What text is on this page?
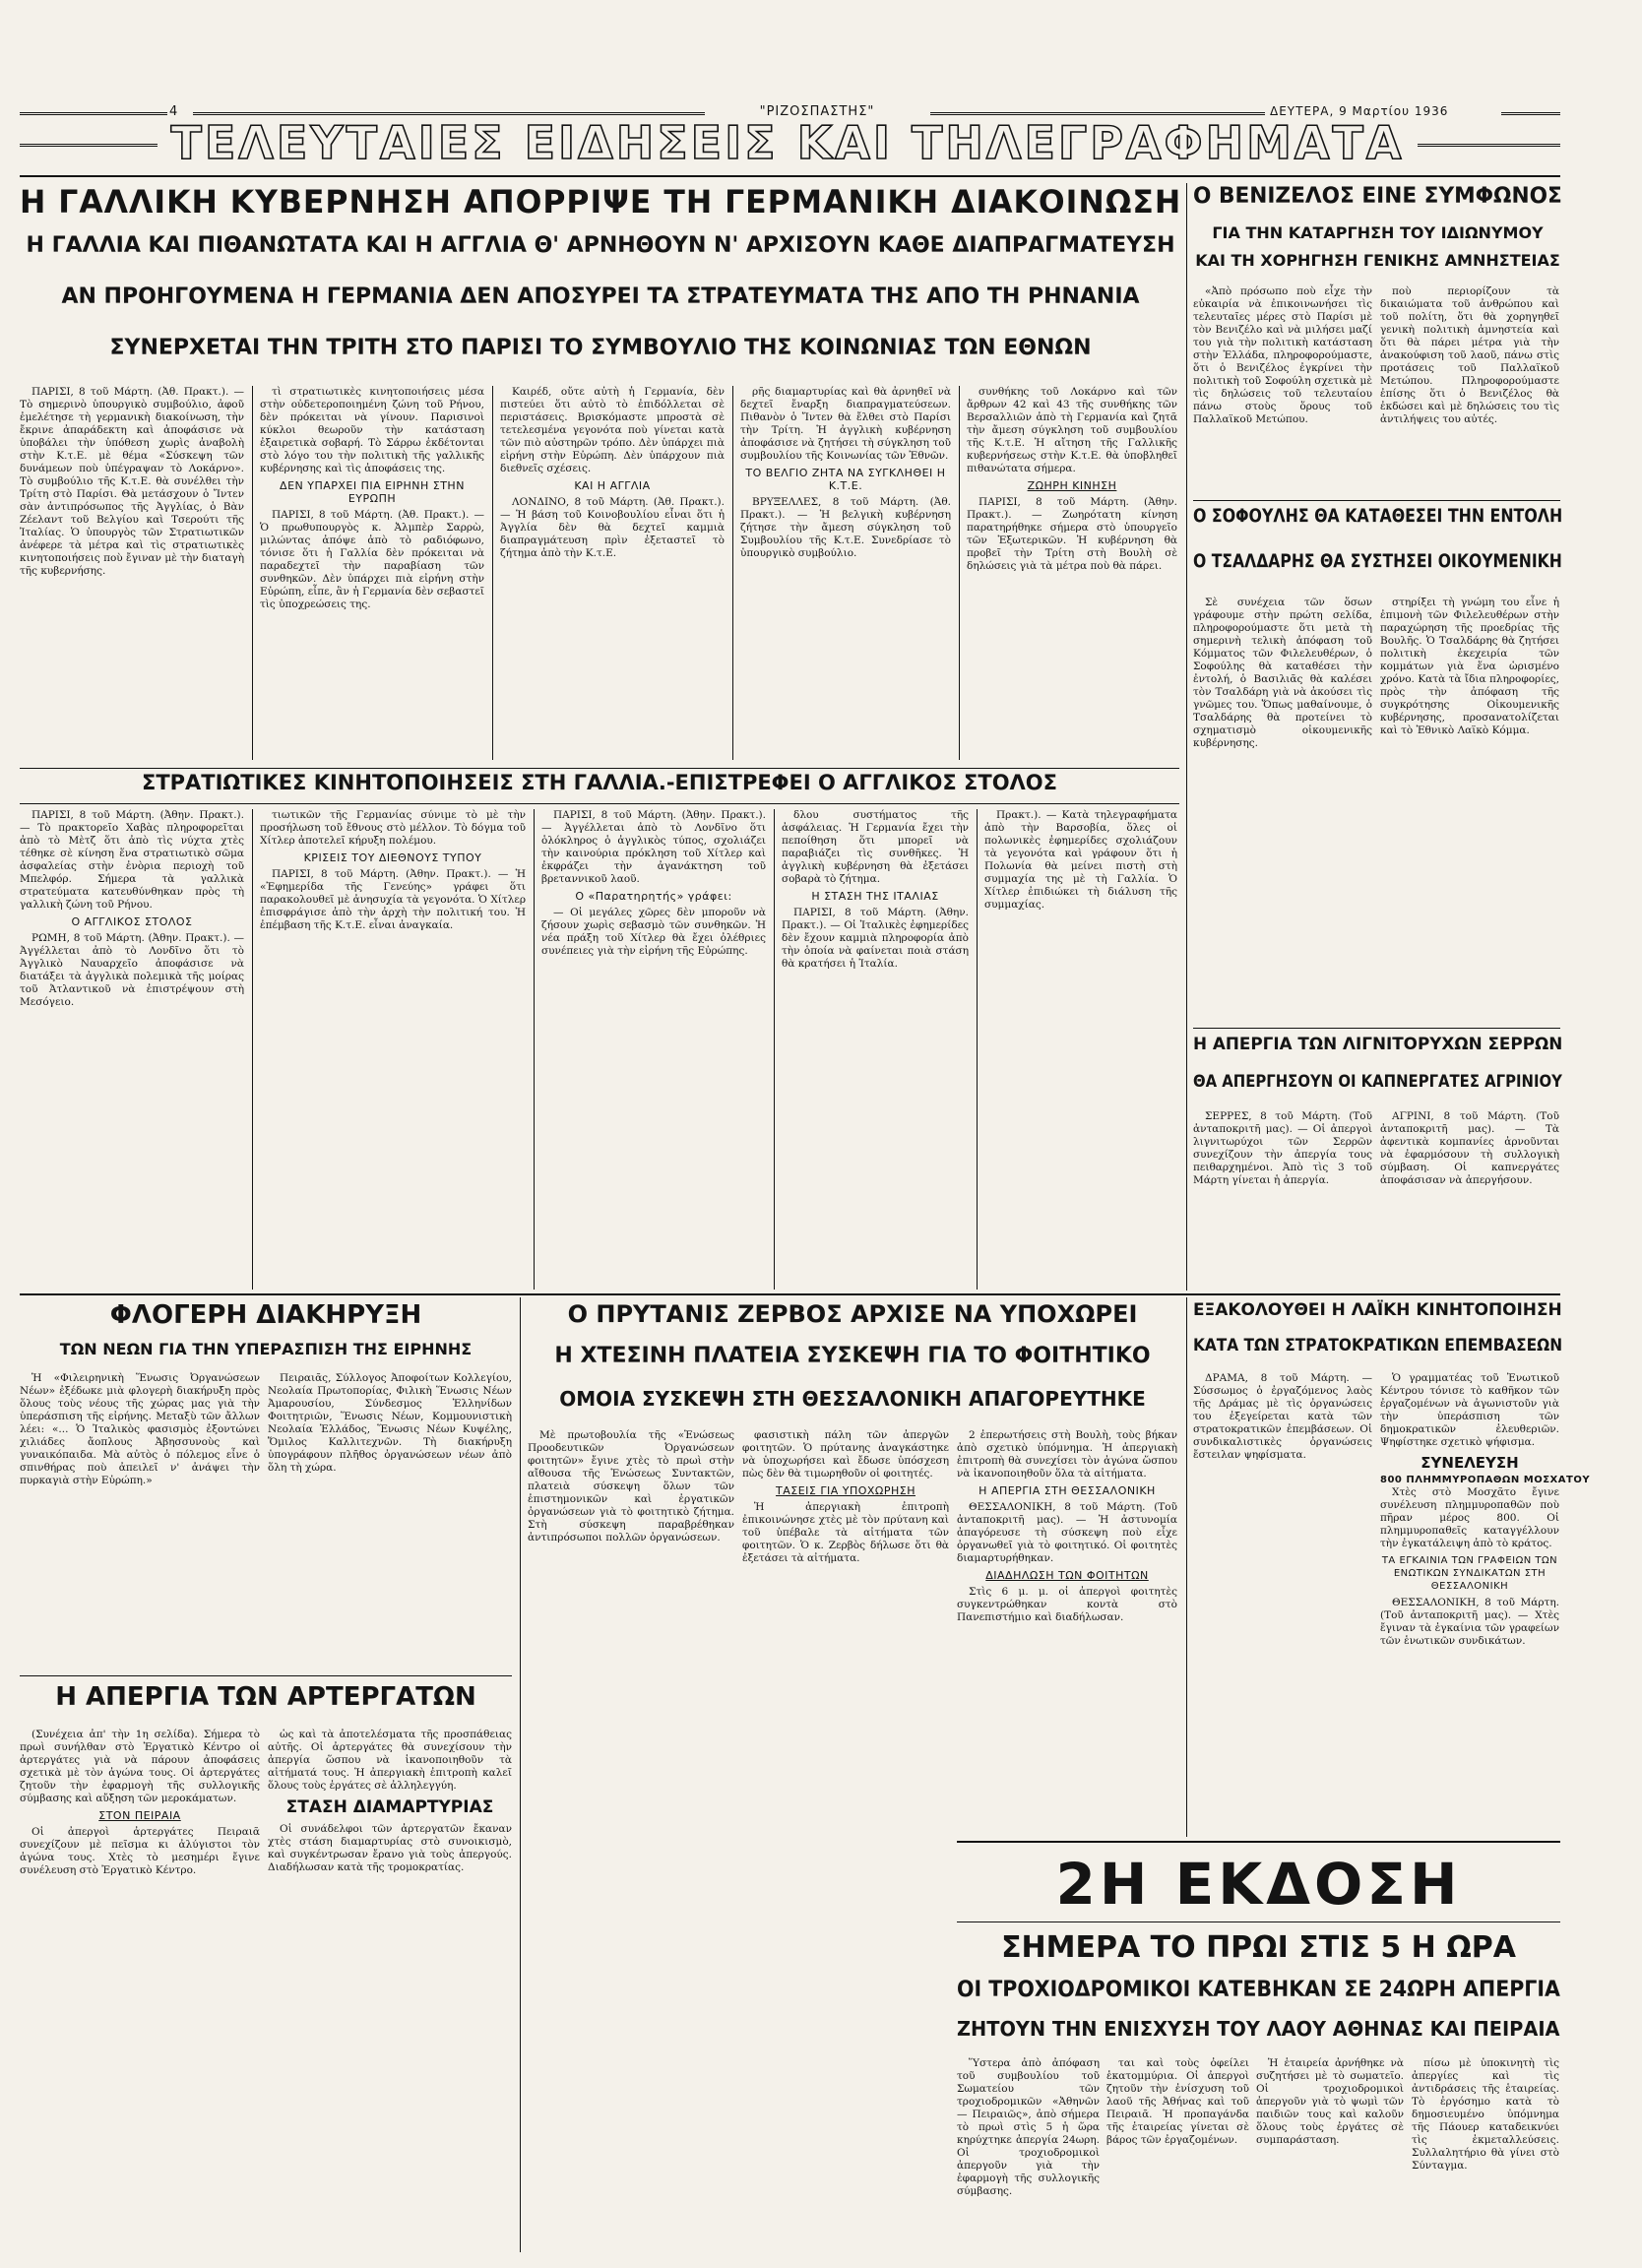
4	"ΡΙΖΟΣΠΑΣΤΗΣ"	ΔΕΥΤΕΡΑ, 9 Μαρτίου 1936
ΤΕΛΕΥΤΑΙΕΣ ΕΙΔΗΣΕΙΣ ΚΑΙ ΤΗΛΕΓΡΑΦΗΜΑΤΑ
Η ΓΑΛΛΙΚΗ ΚΥΒΕΡΝΗΣΗ ΑΠΟΡΡΙΨΕ ΤΗ ΓΕΡΜΑΝΙΚΗ ΔΙΑΚΟΙΝΩΣΗ
Η ΓΑΛΛΙΑ ΚΑΙ ΠΙΘΑΝΩΤΑΤΑ ΚΑΙ Η ΑΓΓΛΙΑ Θ' ΑΡΝΗΘΟΥΝ Ν' ΑΡΧΙΣΟΥΝ ΚΑΘΕ ΔΙΑΠΡΑΓΜΑΤΕΥΣΗ
ΑΝ ΠΡΟΗΓΟΥΜΕΝΑ Η ΓΕΡΜΑΝΙΑ ΔΕΝ ΑΠΟΣΥΡΕΙ ΤΑ ΣΤΡΑΤΕΥΜΑΤΑ ΤΗΣ ΑΠΟ ΤΗ ΡΗΝΑΝΙΑ
ΣΥΝΕΡΧΕΤΑΙ ΤΗΝ ΤΡΙΤΗ ΣΤΟ ΠΑΡΙΣΙ ΤΟ ΣΥΜΒΟΥΛΙΟ ΤΗΣ ΚΟΙΝΩΝΙΑΣ ΤΩΝ ΕΘΝΩΝ

ΠΑΡΙΣΙ, 8 τοῦ Μάρτη. (Ἀθ. Πρακτ.). — Τὸ σημερινὸ ὑπουργικὸ συμβούλιο, ἀφοῦ ἐμελέτησε τὴ γερμανικὴ διακοίνωση, τὴν ἔκρινε ἀπαράδεκτη καὶ ἀποφάσισε νὰ ὑποβάλει τὴν ὑπόθεση χωρὶς ἀναβολὴ στὴν Κ.τ.Ε. μὲ θέμα «Σύσκεψη τῶν δυνάμεων ποὺ ὑπέγραψαν τὸ Λοκάρνο». Τὸ συμβούλιο τῆς Κ.τ.Ε. θὰ συνέλθει τὴν Τρίτη στὸ Παρίσι. Θὰ μετάσχουν ὁ Ἴντεν σὰν ἀντιπρόσωπος τῆς Ἀγγλίας, ὁ Βὰν Ζέελαντ τοῦ Βελγίου καὶ Τσερούτι τῆς Ἰταλίας. Ὁ ὑπουργὸς τῶν Στρατιωτικῶν ἀνέφερε τὰ μέτρα καὶ τὶς στρατιωτικὲς κινητοποιήσεις ποὺ ἔγιναν μὲ τὴν διαταγὴ τῆς κυβερνήσης.

τὶ στρατιωτικὲς κινητοποιήσεις μέσα στὴν οὐδετεροποιημένη ζώνη τοῦ Ρήνου, δὲν πρόκειται νὰ γίνουν. Παρισινοὶ κύκλοι θεωροῦν τὴν κατάσταση ἐξαιρετικὰ σοβαρή. Τὸ Σάρρω ἐκδέτονται στὸ λόγο του τὴν πολιτικὴ τῆς γαλλικῆς κυβέρνησης καὶ τὶς ἀποφάσεις της.

ΔΕΝ ΥΠΑΡΧΕΙ ΠΙΑ ΕΙΡΗΝΗ ΣΤΗΝ ΕΥΡΩΠΗ

ΠΑΡΙΣΙ, 8 τοῦ Μάρτη. (Ἀθ. Πρακτ.). — Ὁ πρωθυπουργὸς κ. Ἀλμπὲρ Σαρρὼ, μιλώντας ἀπόψε ἀπὸ τὸ ραδιόφωνο, τόνισε ὅτι ἡ Γαλλία δὲν πρόκειται νὰ παραδεχτεῖ τὴν παραβίαση τῶν συνθηκῶν. Δὲν ὑπάρχει πιὰ εἰρήνη στὴν Εὐρώπη, εἶπε, ἂν ἡ Γερμανία δὲν σεβαστεῖ τὶς ὑποχρεώσεις της.

Καιρέδ, οὔτε αὐτὴ ἡ Γερμανία, δὲν πιστεύει ὅτι αὐτὸ τὸ ἐπιδόλλεται σὲ περιστάσεις. Βρισκόμαστε μπροστὰ σὲ τετελεσμένα γεγονότα ποὺ γίνεται κατὰ τῶν πιὸ αὐστηρῶν τρόπο. Δὲν ὑπάρχει πιὰ εἰρήνη στὴν Εὐρώπη. Δὲν ὑπάρχουν πιὰ διεθνεῖς σχέσεις.

ΚΑΙ Η ΑΓΓΛΙΑ

ΛΟΝΔΙΝΟ, 8 τοῦ Μάρτη. (Ἀθ. Πρακτ.). — Ἡ βάση τοῦ Κοινοβουλίου εἶναι ὅτι ἡ Ἀγγλία δὲν θὰ δεχτεῖ καμμιὰ διαπραγμάτευση πρὶν ἐξεταστεῖ τὸ ζήτημα ἀπὸ τὴν Κ.τ.Ε.

ρῆς διαμαρτυρίας καὶ θὰ ἀρνηθεῖ νὰ δεχτεῖ ἔναρξη διαπραγματεύσεων. Πιθανὸν ὁ Ἴντεν θὰ ἔλθει στὸ Παρίσι τὴν Τρίτη. Ἡ ἀγγλικὴ κυβέρνηση ἀποφάσισε νὰ ζητήσει τὴ σύγκληση τοῦ συμβουλίου τῆς Κοινωνίας τῶν Ἐθνῶν.

ΤΟ ΒΕΛΓΙΟ ΖΗΤΑ ΝΑ ΣΥΓΚΛΗΘΕΙ Η Κ.Τ.Ε.

ΒΡΥΞΕΛΛΕΣ, 8 τοῦ Μάρτη. (Ἀθ. Πρακτ.). — Ἡ βελγικὴ κυβέρνηση ζήτησε τὴν ἄμεση σύγκληση τοῦ Συμβουλίου τῆς Κ.τ.Ε. Συνεδρίασε τὸ ὑπουργικὸ συμβούλιο.

συνθήκης τοῦ Λοκάρνο καὶ τῶν ἄρθρων 42 καὶ 43 τῆς συνθήκης τῶν Βερσαλλιῶν ἀπὸ τὴ Γερμανία καὶ ζητᾶ τὴν ἄμεση σύγκληση τοῦ συμβουλίου τῆς Κ.τ.Ε. Ἡ αἴτηση τῆς Γαλλικῆς κυβερνήσεως στὴν Κ.τ.Ε. θὰ ὑποβληθεῖ πιθανώτατα σήμερα.

ΖΩΗΡΗ ΚΙΝΗΣΗ

ΠΑΡΙΣΙ, 8 τοῦ Μάρτη. (Ἀθην. Πρακτ.). — Ζωηρότατη κίνηση παρατηρήθηκε σήμερα στὸ ὑπουργεῖο τῶν Ἐξωτερικῶν. Ἡ κυβέρνηση θὰ προβεῖ τὴν Τρίτη στὴ Βουλὴ σὲ δηλώσεις γιὰ τὰ μέτρα ποὺ θὰ πάρει.

Ο ΒΕΝΙΖΕΛΟΣ ΕΙΝΕ ΣΥΜΦΩΝΟΣ
ΓΙΑ ΤΗΝ ΚΑΤΑΡΓΗΣΗ ΤΟΥ ΙΔΙΩΝΥΜΟΥ
ΚΑΙ ΤΗ ΧΟΡΗΓΗΣΗ ΓΕΝΙΚΗΣ ΑΜΝΗΣΤΕΙΑΣ

«Ἀπὸ πρόσωπο ποὺ εἶχε τὴν εὐκαιρία νὰ ἐπικοινωνήσει τὶς τελευταῖες μέρες στὸ Παρίσι μὲ τὸν Βενιζέλο καὶ νὰ μιλήσει μαζί του γιὰ τὴν πολιτικὴ κατάσταση στὴν Ἑλλάδα, πληροφορούμαστε, ὅτι ὁ Βενιζέλος ἐγκρίνει τὴν πολιτικὴ τοῦ Σοφούλη σχετικὰ μὲ τὶς δηλώσεις τοῦ τελευταίου πάνω στοὺς ὅρους τοῦ Παλλαϊκοῦ Μετώπου.

ποὺ περιορίζουν τὰ δικαιώματα τοῦ ἀνθρώπου καὶ τοῦ πολίτη, ὅτι θὰ χορηγηθεῖ γενικὴ πολιτικὴ ἀμνηστεία καὶ ὅτι θὰ πάρει μέτρα γιὰ τὴν ἀνακούφιση τοῦ λαοῦ, πάνω στὶς προτάσεις τοῦ Παλλαϊκοῦ Μετώπου. Πληροφορούμαστε ἐπίσης ὅτι ὁ Βενιζέλος θὰ ἐκδώσει καὶ μὲ δηλώσεις του τὶς ἀντιλήψεις του αὐτές.

Ο ΣΟΦΟΥΛΗΣ ΘΑ ΚΑΤΑΘΕΣΕΙ ΤΗΝ ΕΝΤΟΛΗ
Ο ΤΣΑΛΔΑΡΗΣ ΘΑ ΣΥΣΤΗΣΕΙ ΟΙΚΟΥΜΕΝΙΚΗ

Σὲ συνέχεια τῶν ὅσων γράφουμε στὴν πρώτη σελίδα, πληροφορούμαστε ὅτι μετὰ τὴ σημερινὴ τελικὴ ἀπόφαση τοῦ Κόμματος τῶν Φιλελευθέρων, ὁ Σοφούλης θὰ καταθέσει τὴν ἐντολή, ὁ Βασιλιᾶς θὰ καλέσει τὸν Τσαλδάρη γιὰ νὰ ἀκούσει τὶς γνῶμες του. Ὅπως μαθαίνουμε, ὁ Τσαλδάρης θὰ προτείνει τὸ σχηματισμὸ οἰκουμενικῆς κυβέρνησης.

στηρίξει τὴ γνώμη του εἶνε ἡ ἐπιμονὴ τῶν Φιλελευθέρων στὴν παραχώρηση τῆς προεδρίας τῆς Βουλῆς. Ὁ Τσαλδάρης θὰ ζητήσει πολιτικὴ ἐκεχειρία τῶν κομμάτων γιὰ ἕνα ὡρισμένο χρόνο. Κατὰ τὰ ἴδια πληροφορίες, πρὸς τὴν ἀπόφαση τῆς συγκρότησης Οἰκουμενικῆς κυβέρνησης, προσανατολίζεται καὶ τὸ Ἐθνικὸ Λαϊκὸ Κόμμα.

Η ΑΠΕΡΓΙΑ ΤΩΝ ΛΙΓΝΙΤΟΡΥΧΩΝ ΣΕΡΡΩΝ
ΘΑ ΑΠΕΡΓΗΣΟΥΝ ΟΙ ΚΑΠΝΕΡΓΑΤΕΣ ΑΓΡΙΝΙΟΥ

ΣΕΡΡΕΣ, 8 τοῦ Μάρτη. (Τοῦ ἀνταποκριτῆ μας). — Οἱ ἀπεργοὶ λιγνιτωρύχοι τῶν Σερρῶν συνεχίζουν τὴν ἀπεργία τους πειθαρχημένοι. Ἀπὸ τὶς 3 τοῦ Μάρτη γίνεται ἡ ἀπεργία.

ΑΓΡΙΝΙ, 8 τοῦ Μάρτη. (Τοῦ ἀνταποκριτῆ μας). — Τὰ ἀφεντικὰ κομπανίες ἀρνοῦνται νὰ ἐφαρμόσουν τὴ συλλογικὴ σύμβαση. Οἱ καπνεργάτες ἀποφάσισαν νὰ ἀπεργήσουν.

ΣΤΡΑΤΙΩΤΙΚΕΣ ΚΙΝΗΤΟΠΟΙΗΣΕΙΣ ΣΤΗ ΓΑΛΛΙΑ.-ΕΠΙΣΤΡΕΦΕΙ Ο ΑΓΓΛΙΚΟΣ ΣΤΟΛΟΣ

ΠΑΡΙΣΙ, 8 τοῦ Μάρτη. (Ἀθην. Πρακτ.). — Τὸ πρακτορεῖο Χαβὰς πληροφορεῖται ἀπὸ τὸ Μὲτζ ὅτι ἀπὸ τὶς νύχτα χτὲς τέθηκε σὲ κίνηση ἕνα στρατιωτικὸ σῶμα ἀσφαλείας στὴν ἐνὸρια περιοχὴ τοῦ Μπελφόρ. Σήμερα τὰ γαλλικὰ στρατεύματα κατευθύνθηκαν πρὸς τὴ γαλλικὴ ζώνη τοῦ Ρήνου.

Ο ΑΓΓΛΙΚΟΣ ΣΤΟΛΟΣ

ΡΩΜΗ, 8 τοῦ Μάρτη. (Ἀθην. Πρακτ.). — Ἀγγέλλεται ἀπὸ τὸ Λονδῖνο ὅτι τὸ Ἀγγλικὸ Ναυαρχεῖο ἀποφάσισε νὰ διατάξει τὰ ἀγγλικὰ πολεμικὰ τῆς μοίρας τοῦ Ἀτλαντικοῦ νὰ ἐπιστρέψουν στὴ Μεσόγειο.

τιωτικῶν τῆς Γερμανίας σύνιμε τὸ μὲ τὴν προσήλωση τοῦ ἔθνους στὸ μέλλον. Τὸ δόγμα τοῦ Χίτλερ ἀποτελεῖ κήρυξη πολέμου.

ΚΡΙΣΕΙΣ ΤΟΥ ΔΙΕΘΝΟΥΣ ΤΥΠΟΥ

ΠΑΡΙΣΙ, 8 τοῦ Μάρτη. (Ἀθην. Πρακτ.). — Ἡ «Ἐφημερίδα τῆς Γενεύης» γράφει ὅτι παρακολουθεῖ μὲ ἀνησυχία τὰ γεγονότα. Ὁ Χίτλερ ἐπισφράγισε ἀπὸ τὴν ἀρχὴ τὴν πολιτική του. Ἡ ἐπέμβαση τῆς Κ.τ.Ε. εἶναι ἀναγκαία.

ΠΑΡΙΣΙ, 8 τοῦ Μάρτη. (Ἀθην. Πρακτ.). — Ἀγγέλλεται ἀπὸ τὸ Λονδῖνο ὅτι ὁλόκληρος ὁ ἀγγλικὸς τύπος, σχολιάζει τὴν καινούρια πρόκληση τοῦ Χίτλερ καὶ ἐκφράζει τὴν ἀγανάκτηση τοῦ βρεταννικοῦ λαοῦ.

Ο «Παρατηρητής» γράφει:

— Οἱ μεγάλες χῶρες δὲν μποροῦν νὰ ζήσουν χωρὶς σεβασμὸ τῶν συνθηκῶν. Ἡ νέα πράξη τοῦ Χίτλερ θὰ ἔχει ὀλέθριες συνέπειες γιὰ τὴν εἰρήνη τῆς Εὐρώπης.

δλου συστήματος τῆς ἀσφάλειας. Ἡ Γερμανία ἔχει τὴν πεποίθηση ὅτι μπορεῖ νὰ παραβιάζει τὶς συνθῆκες. Ἡ ἀγγλικὴ κυβέρνηση θὰ ἐξετάσει σοβαρὰ τὸ ζήτημα.

Η ΣΤΑΣΗ ΤΗΣ ΙΤΑΛΙΑΣ

ΠΑΡΙΣΙ, 8 τοῦ Μάρτη. (Ἀθην. Πρακτ.). — Οἱ Ἰταλικὲς ἐφημερίδες δὲν ἔχουν καμμιὰ πληροφορία ἀπὸ τὴν ὁποία νὰ φαίνεται ποιὰ στάση θὰ κρατήσει ἡ Ἰταλία.

Πρακτ.). — Κατὰ τηλεγραφήματα ἀπὸ τὴν Βαρσοβία, ὅλες οἱ πολωνικὲς ἐφημερίδες σχολιάζουν τὰ γεγονότα καὶ γράφουν ὅτι ἡ Πολωνία θὰ μείνει πιστὴ στὴ συμμαχία της μὲ τὴ Γαλλία. Ὁ Χίτλερ ἐπιδιώκει τὴ διάλυση τῆς συμμαχίας.

ΦΛΟΓΕΡΗ ΔΙΑΚΗΡΥΞΗ
ΤΩΝ ΝΕΩΝ ΓΙΑ ΤΗΝ ΥΠΕΡΑΣΠΙΣΗ ΤΗΣ ΕΙΡΗΝΗΣ

Ἡ «Φιλειρηνικὴ Ἕνωσις Ὀργανώσεων Νέων» ἐξέδωκε μιὰ φλογερὴ διακήρυξη πρὸς ὅλους τοὺς νέους τῆς χώρας μας γιὰ τὴν ὑπεράσπιση τῆς εἰρήνης. Μεταξὺ τῶν ἄλλων λέει: «... Ὁ Ἰταλικὸς φασισμὸς ἐξοντώνει χιλιάδες ἄοπλους Ἀβησσυνοὺς καὶ γυναικόπαιδα. Μὰ αὐτὸς ὁ πόλεμος εἶνε ὁ σπινθήρας ποὺ ἀπειλεῖ ν' ἀνάψει τὴν πυρκαγιὰ στὴν Εὐρώπη.»

Πειραιᾶς, Σύλλογος Ἀποφοίτων Κολλεγίου, Νεολαία Πρωτοπορίας, Φιλικὴ Ἕνωσις Νέων Ἀμαρουσίου, Σύνδεσμος Ἑλληνίδων Φοιτητριῶν, Ἕνωσις Νέων, Κομμουνιστικὴ Νεολαία Ἑλλάδος, Ἕνωσις Νέων Κυψέλης, Ὅμιλος Καλλιτεχνῶν. Τὴ διακήρυξη ὑπογράφουν πλῆθος ὀργανώσεων νέων ἀπὸ ὅλη τὴ χώρα.

Η ΑΠΕΡΓΙΑ ΤΩΝ ΑΡΤΕΡΓΑΤΩΝ

(Συνέχεια ἀπ' τὴν 1η σελίδα). Σήμερα τὸ πρωὶ συνήλθαν στὸ Ἐργατικὸ Κέντρο οἱ ἀρτεργάτες γιὰ νὰ πάρουν ἀποφάσεις σχετικὰ μὲ τὸν ἀγώνα τους. Οἱ ἀρτεργάτες ζητοῦν τὴν ἐφαρμογὴ τῆς συλλογικῆς σύμβασης καὶ αὔξηση τῶν μεροκάματων.

ΣΤΟΝ ΠΕΙΡΑΙΑ

Οἱ ἀπεργοὶ ἀρτεργάτες Πειραιᾶ συνεχίζουν μὲ πεῖσμα κι ἀλύγιστοι τὸν ἀγώνα τους. Χτὲς τὸ μεσημέρι ἔγινε συνέλευση στὸ Ἐργατικὸ Κέντρο.

ὡς καὶ τὰ ἀποτελέσματα τῆς προσπάθειας αὐτῆς. Οἱ ἀρτεργάτες θὰ συνεχίσουν τὴν ἀπεργία ὥσπου νὰ ἱκανοποιηθοῦν τὰ αἰτήματά τους. Ἡ ἀπεργιακὴ ἐπιτροπὴ καλεῖ ὅλους τοὺς ἐργάτες σὲ ἀλληλεγγύη.

ΣΤΑΣΗ ΔΙΑΜΑΡΤΥΡΙΑΣ

Οἱ συνάδελφοι τῶν ἀρτεργατῶν ἔκαναν χτὲς στάση διαμαρτυρίας στὸ συνοικισμὸ, καὶ συγκέντρωσαν ἔρανο γιὰ τοὺς ἀπεργούς. Διαδήλωσαν κατὰ τῆς τρομοκρατίας.

Ο ΠΡΥΤΑΝΙΣ ΖΕΡΒΟΣ ΑΡΧΙΣΕ ΝΑ ΥΠΟΧΩΡΕΙ
Η ΧΤΕΣΙΝΗ ΠΛΑΤΕΙΑ ΣΥΣΚΕΨΗ ΓΙΑ ΤΟ ΦΟΙΤΗΤΙΚΟ
ΟΜΟΙΑ ΣΥΣΚΕΨΗ ΣΤΗ ΘΕΣΣΑΛΟΝΙΚΗ ΑΠΑΓΟΡΕΥΤΗΚΕ

Μὲ πρωτοβουλία τῆς «Ἑνώσεως Προοδευτικῶν Ὀργανώσεων φοιτητῶν» ἔγινε χτὲς τὸ πρωὶ στὴν αἴθουσα τῆς Ἑνώσεως Συντακτῶν, πλατειὰ σύσκεψη ὅλων τῶν ἐπιστημονικῶν καὶ ἐργατικῶν ὀργανώσεων γιὰ τὸ φοιτητικὸ ζήτημα. Στὴ σύσκεψη παραβρέθηκαν ἀντιπρόσωποι πολλῶν ὀργανώσεων.

φασιστικὴ πάλη τῶν ἀπεργῶν φοιτητῶν. Ὁ πρύτανης ἀναγκάστηκε νὰ ὑποχωρήσει καὶ ἔδωσε ὑπόσχεση πὼς δὲν θὰ τιμωρηθοῦν οἱ φοιτητές.

ΤΑΣΕΙΣ ΓΙΑ ΥΠΟΧΩΡΗΣΗ

Ἡ ἀπεργιακὴ ἐπιτροπὴ ἐπικοινώνησε χτὲς μὲ τὸν πρύτανη καὶ τοῦ ὑπέβαλε τὰ αἰτήματα τῶν φοιτητῶν. Ὁ κ. Ζερβὸς δήλωσε ὅτι θὰ ἐξετάσει τὰ αἰτήματα.

2 ἐπερωτήσεις στὴ Βουλὴ, τοὺς βήκαν ἀπὸ σχετικὸ ὑπόμνημα. Ἡ ἀπεργιακὴ ἐπιτροπὴ θὰ συνεχίσει τὸν ἀγώνα ὥσπου νὰ ἱκανοποιηθοῦν ὅλα τὰ αἰτήματα.

Η ΑΠΕΡΓΙΑ ΣΤΗ ΘΕΣΣΑΛΟΝΙΚΗ

ΘΕΣΣΑΛΟΝΙΚΗ, 8 τοῦ Μάρτη. (Τοῦ ἀνταποκριτῆ μας). — Ἡ ἀστυνομία ἀπαγόρευσε τὴ σύσκεψη ποὺ εἶχε ὀργανωθεῖ γιὰ τὸ φοιτητικό. Οἱ φοιτητὲς διαμαρτυρήθηκαν.

ΔΙΑΔΗΛΩΣΗ ΤΩΝ ΦΟΙΤΗΤΩΝ

Στὶς 6 μ. μ. οἱ ἀπεργοὶ φοιτητὲς συγκεντρώθηκαν κοντὰ στὸ Πανεπιστήμιο καὶ διαδήλωσαν.

ΕΞΑΚΟΛΟΥΘΕΙ Η ΛΑΪΚΗ ΚΙΝΗΤΟΠΟΙΗΣΗ
ΚΑΤΑ ΤΩΝ ΣΤΡΑΤΟΚΡΑΤΙΚΩΝ ΕΠΕΜΒΑΣΕΩΝ

ΔΡΑΜΑ, 8 τοῦ Μάρτη. — Σύσσωμος ὁ ἐργαζόμενος λαὸς τῆς Δράμας μὲ τὶς ὀργανώσεις του ἐξεγείρεται κατὰ τῶν στρατοκρατικῶν ἐπεμβάσεων. Οἱ συνδικαλιστικὲς ὀργανώσεις ἔστειλαν ψηφίσματα.

Ὁ γραμματέας τοῦ Ἐνωτικοῦ Κέντρου τόνισε τὸ καθῆκον τῶν ἐργαζομένων νὰ ἀγωνιστοῦν γιὰ τὴν ὑπεράσπιση τῶν δημοκρατικῶν ἐλευθεριῶν. Ψηφίστηκε σχετικὸ ψήφισμα.

ΣΥΝΕΛΕΥΣΗ
800 ΠΛΗΜΜΥΡΟΠΑΘΩΝ ΜΟΣΧΑΤΟΥ

Χτὲς στὸ Μοσχᾶτο ἔγινε συνέλευση πλημμυροπαθῶν ποὺ πῆραν μέρος 800. Οἱ πλημμυροπαθεῖς καταγγέλλουν τὴν ἐγκατάλειψη ἀπὸ τὸ κράτος.

ΤΑ ΕΓΚΑΙΝΙΑ ΤΩΝ ΓΡΑΦΕΙΩΝ ΤΩΝ ΕΝΩΤΙΚΩΝ ΣΥΝΔΙΚΑΤΩΝ ΣΤΗ ΘΕΣΣΑΛΟΝΙΚΗ

ΘΕΣΣΑΛΟΝΙΚΗ, 8 τοῦ Μάρτη. (Τοῦ ἀνταποκριτῆ μας). — Χτὲς ἔγιναν τὰ ἐγκαίνια τῶν γραφείων τῶν ἑνωτικῶν συνδικάτων.

2Η ΕΚΔΟΣΗ
ΣΗΜΕΡΑ ΤΟ ΠΡΩΙ ΣΤΙΣ 5 Η ΩΡΑ
ΟΙ ΤΡΟΧΙΟΔΡΟΜΙΚΟΙ ΚΑΤΕΒΗΚΑΝ ΣΕ 24ΩΡΗ ΑΠΕΡΓΙΑ
ΖΗΤΟΥΝ ΤΗΝ ΕΝΙΣΧΥΣΗ ΤΟΥ ΛΑΟΥ ΑΘΗΝΑΣ ΚΑΙ ΠΕΙΡΑΙΑ

Ὕστερα ἀπὸ ἀπόφαση τοῦ συμβουλίου τοῦ Σωματείου τῶν τροχιοδρομικῶν «Ἀθηνῶν — Πειραιῶς», ἀπὸ σήμερα τὸ πρωὶ στὶς 5 ἡ ὥρα κηρύχτηκε ἀπεργία 24ωρη. Οἱ τροχιοδρομικοὶ ἀπεργοῦν γιὰ τὴν ἐφαρμογὴ τῆς συλλογικῆς σύμβασης.

ται καὶ τοὺς ὀφείλει ἑκατομμύρια. Οἱ ἀπεργοὶ ζητοῦν τὴν ἐνίσχυση τοῦ λαοῦ τῆς Ἀθήνας καὶ τοῦ Πειραιᾶ. Ἡ προπαγάνδα τῆς ἑταιρείας γίνεται σὲ βάρος τῶν ἐργαζομένων.

Ἡ ἑταιρεία ἀρνήθηκε νὰ συζητήσει μὲ τὸ σωματεῖο. Οἱ τροχιοδρομικοὶ ἀπεργοῦν γιὰ τὸ ψωμὶ τῶν παιδιῶν τους καὶ καλοῦν ὅλους τοὺς ἐργάτες σὲ συμπαράσταση.

πίσω μὲ ὑποκινητὴ τὶς ἀπεργίες καὶ τὶς ἀντιδράσεις τῆς ἑταιρείας. Τὸ ἐργόσημο κατὰ τὸ δημοσιευμένο ὑπόμνημα τῆς Πάουερ καταδεικνύει τὶς ἐκμεταλλεύσεις. Συλλαλητήριο θὰ γίνει στὸ Σύνταγμα.
